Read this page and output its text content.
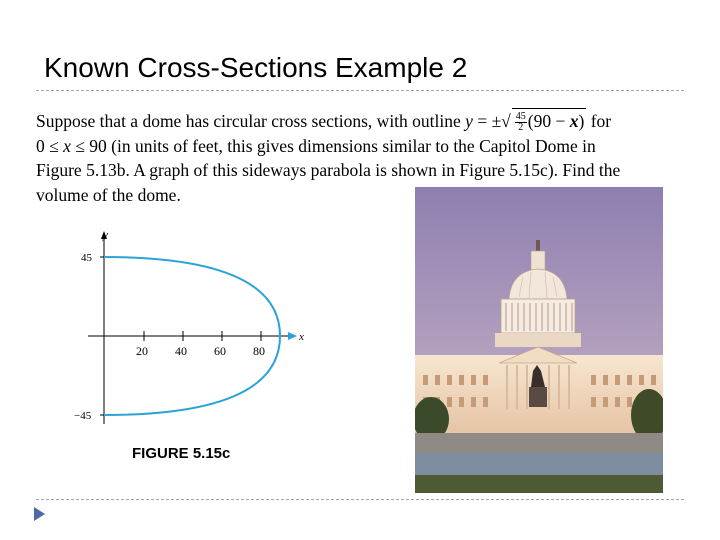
Known Cross-Sections Example 2
Suppose that a dome has circular cross sections, with outline y = ±√ $\frac{45}{2} (90 - x)$ for
0 ≤ x ≤ 90 (in units of feet, this gives dimensions similar to the Capitol Dome in
Figure 5.13b. A graph of this sideways parabola is shown in Figure 5.15c). Find the
volume of the dome.
y
x
45
−45
20 40 60 80
FIGURE 5.15c
